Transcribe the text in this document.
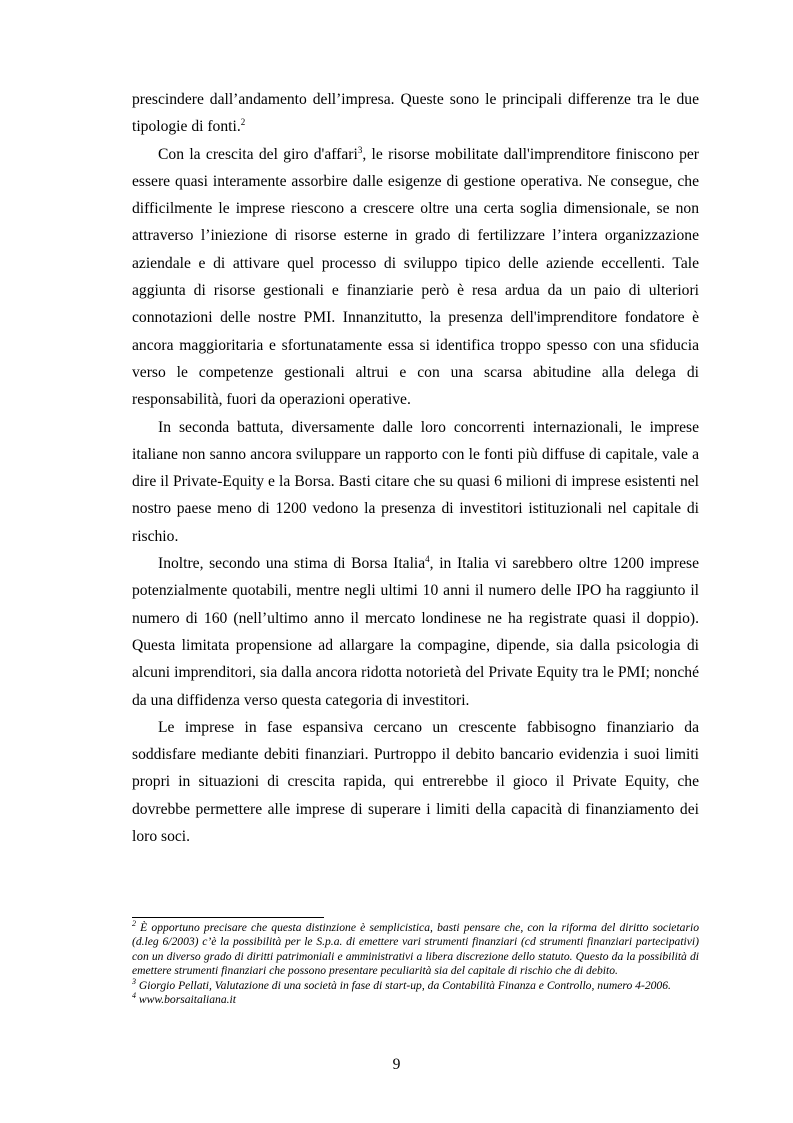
prescindere dall’andamento dell’impresa. Queste sono le principali differenze tra le due tipologie di fonti.$^2$

Con la crescita del giro d'affari$^3$, le risorse mobilitate dall'imprenditore finiscono per essere quasi interamente assorbire dalle esigenze di gestione operativa. Ne consegue, che difficilmente le imprese riescono a crescere oltre una certa soglia dimensionale, se non attraverso l’iniezione di risorse esterne in grado di fertilizzare l’intera organizzazione aziendale e di attivare quel processo di sviluppo tipico delle aziende eccellenti. Tale aggiunta di risorse gestionali e finanziarie però è resa ardua da un paio di ulteriori connotazioni delle nostre PMI. Innanzitutto, la presenza dell'imprenditore fondatore è ancora maggioritaria e sfortunatamente essa si identifica troppo spesso con una sfiducia verso le competenze gestionali altrui e con una scarsa abitudine alla delega di responsabilità, fuori da operazioni operative.

In seconda battuta, diversamente dalle loro concorrenti internazionali, le imprese italiane non sanno ancora sviluppare un rapporto con le fonti più diffuse di capitale, vale a dire il Private-Equity e la Borsa. Basti citare che su quasi 6 milioni di imprese esistenti nel nostro paese meno di 1200 vedono la presenza di investitori istituzionali nel capitale di rischio.

Inoltre, secondo una stima di Borsa Italia$^4$, in Italia vi sarebbero oltre 1200 imprese potenzialmente quotabili, mentre negli ultimi 10 anni il numero delle IPO ha raggiunto il numero di 160 (nell’ultimo anno il mercato londinese ne ha registrate quasi il doppio). Questa limitata propensione ad allargare la compagine, dipende, sia dalla psicologia di alcuni imprenditori, sia dalla ancora ridotta notorietà del Private Equity tra le PMI; nonché da una diffidenza verso questa categoria di investitori.

Le imprese in fase espansiva cercano un crescente fabbisogno finanziario da soddisfare mediante debiti finanziari. Purtroppo il debito bancario evidenzia i suoi limiti propri in situazioni di crescita rapida, qui entrerebbe il gioco il Private Equity, che dovrebbe permettere alle imprese di superare i limiti della capacità di finanziamento dei loro soci.

$^2$ È opportuno precisare che questa distinzione è semplicistica, basti pensare che, con la riforma del diritto societario (d.leg 6/2003) c’è la possibilità per le S.p.a. di emettere vari strumenti finanziari (cd strumenti finanziari partecipativi) con un diverso grado di diritti patrimoniali e amministrativi a libera discrezione dello statuto. Questo da la possibilità di emettere strumenti finanziari che possono presentare peculiarità sia del capitale di rischio che di debito.

$^3$ Giorgio Pellati, Valutazione di una società in fase di start-up, da Contabilità Finanza e Controllo, numero 4-2006.

$^4$ www.borsaitaliana.it

9
